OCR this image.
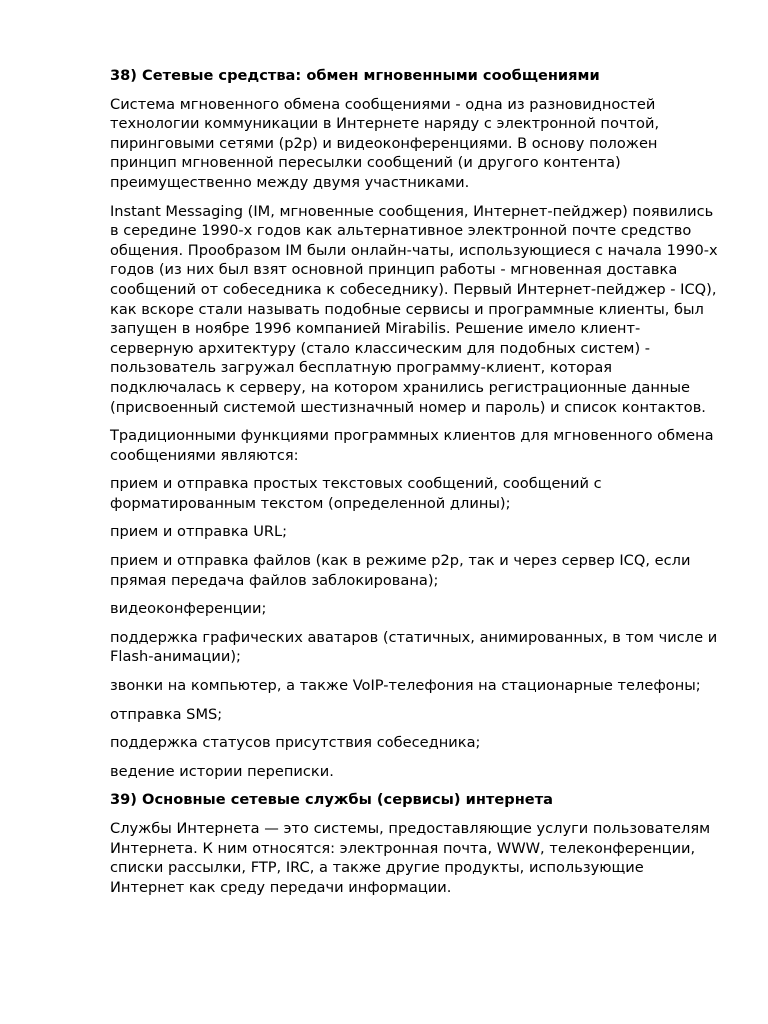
38) Сетевые средства: обмен мгновенными сообщениями

Система мгновенного обмена сообщениями - одна из разновидностей технологии коммуникации в Интернете наряду с электронной почтой, пиринговыми сетями (p2p) и видеоконференциями. В основу положен принцип мгновенной пересылки сообщений (и другого контента) преимущественно между двумя участниками.

Instant Messaging (IM, мгновенные сообщения, Интернет-пейджер) появились в середине 1990-х годов как альтернативное электронной почте средство общения. Прообразом IM были онлайн-чаты, использующиеся с начала 1990-х годов (из них был взят основной принцип работы - мгновенная доставка сообщений от собеседника к собеседнику). Первый Интернет-пейджер - ICQ), как вскоре стали называть подобные сервисы и программные клиенты, был запущен в ноябре 1996 компанией Mirabilis. Решение имело клиент-серверную архитектуру (стало классическим для подобных систем) - пользователь загружал бесплатную программу-клиент, которая подключалась к серверу, на котором хранились регистрационные данные (присвоенный системой шестизначный номер и пароль) и список контактов.

Традиционными функциями программных клиентов для мгновенного обмена сообщениями являются:

прием и отправка простых текстовых сообщений, сообщений с форматированным текстом (определенной длины);

прием и отправка URL;

прием и отправка файлов (как в режиме p2p, так и через сервер ICQ, если прямая передача файлов заблокирована);

видеоконференции;

поддержка графических аватаров (статичных, анимированных, в том числе и Flash-анимации);

звонки на компьютер, а также VoIP-телефония на стационарные телефоны;

отправка SMS;

поддержка статусов присутствия собеседника;

ведение истории переписки.

39) Основные сетевые службы (сервисы) интернета

Службы Интернета — это системы, предоставляющие услуги пользователям Интернета. К ним относятся: электронная почта, WWW, телеконференции, списки рассылки, FTP, IRC, а также другие продукты, использующие Интернет как среду передачи информации.
